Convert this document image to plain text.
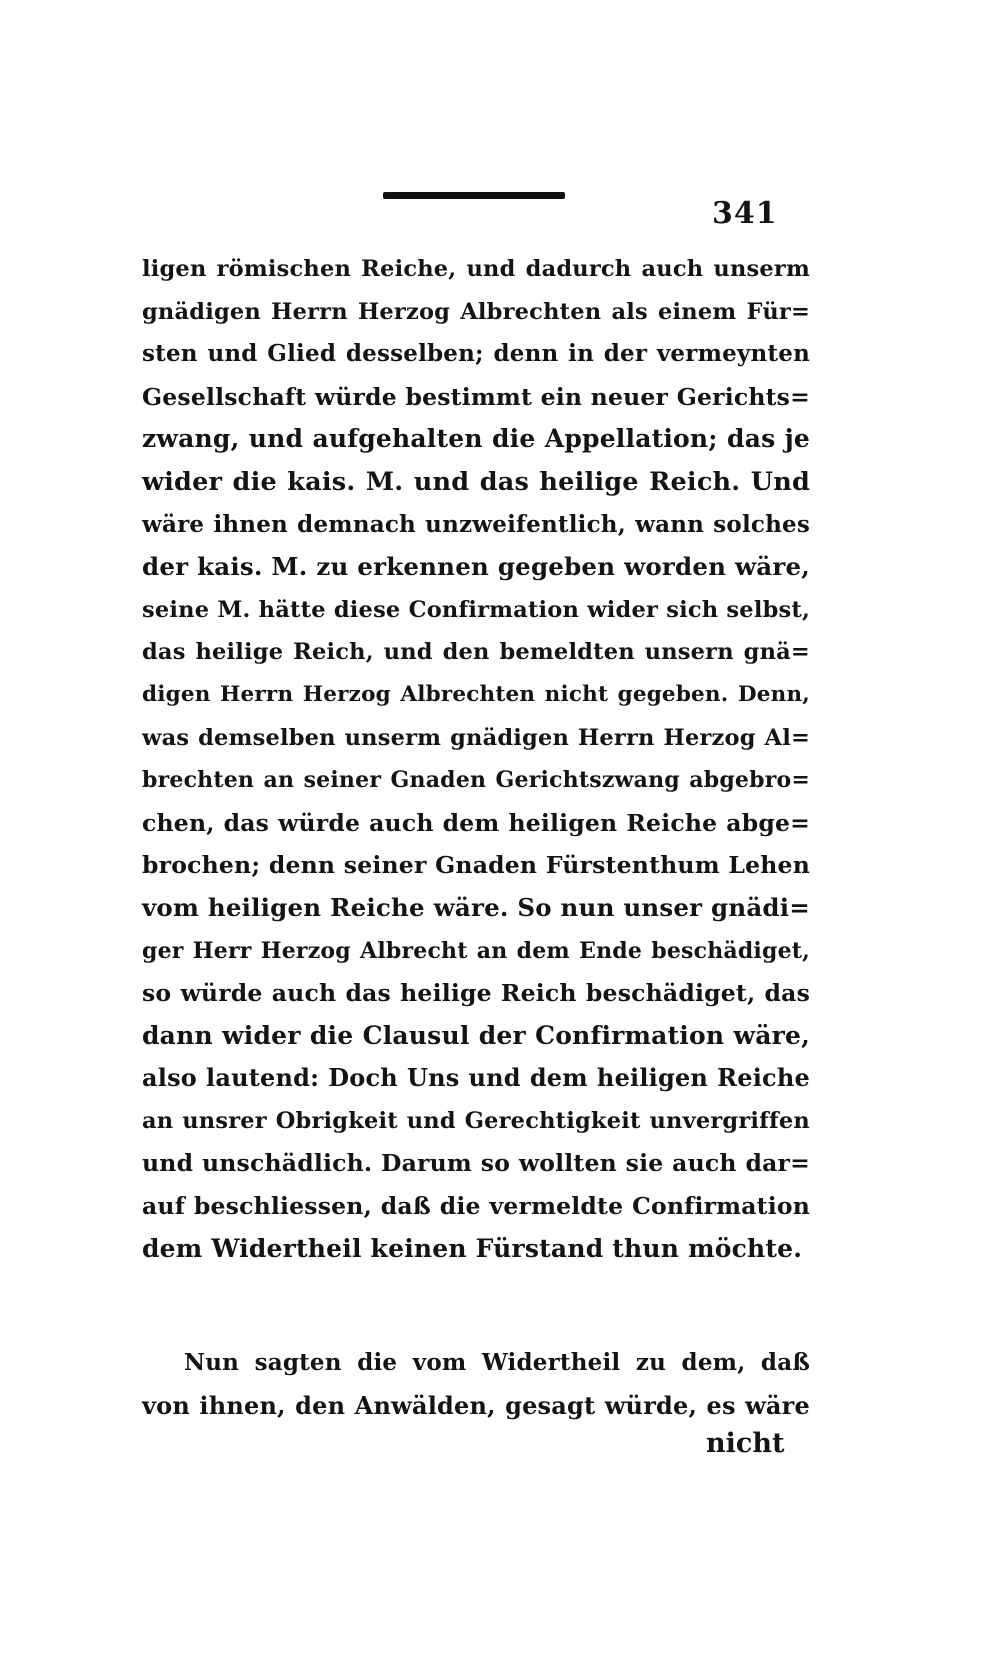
341
ligen römischen Reiche, und dadurch auch unserm
gnädigen Herrn Herzog Albrechten als einem Für=
sten und Glied desselben; denn in der vermeynten
Gesellschaft würde bestimmt ein neuer Gerichts=
zwang, und aufgehalten die Appellation; das je
wider die kais. M. und das heilige Reich. Und
wäre ihnen demnach unzweifentlich, wann solches
der kais. M. zu erkennen gegeben worden wäre,
seine M. hätte diese Confirmation wider sich selbst,
das heilige Reich, und den bemeldten unsern gnä=
digen Herrn Herzog Albrechten nicht gegeben. Denn,
was demselben unserm gnädigen Herrn Herzog Al=
brechten an seiner Gnaden Gerichtszwang abgebro=
chen, das würde auch dem heiligen Reiche abge=
brochen; denn seiner Gnaden Fürstenthum Lehen
vom heiligen Reiche wäre. So nun unser gnädi=
ger Herr Herzog Albrecht an dem Ende beschädiget,
so würde auch das heilige Reich beschädiget, das
dann wider die Clausul der Confirmation wäre,
also lautend: Doch Uns und dem heiligen Reiche
an unsrer Obrigkeit und Gerechtigkeit unvergriffen
und unschädlich. Darum so wollten sie auch dar=
auf beschliessen, daß die vermeldte Confirmation
dem Widertheil keinen Fürstand thun möchte.
Nun sagten die vom Widertheil zu dem, daß
von ihnen, den Anwälden, gesagt würde, es wäre
nicht
